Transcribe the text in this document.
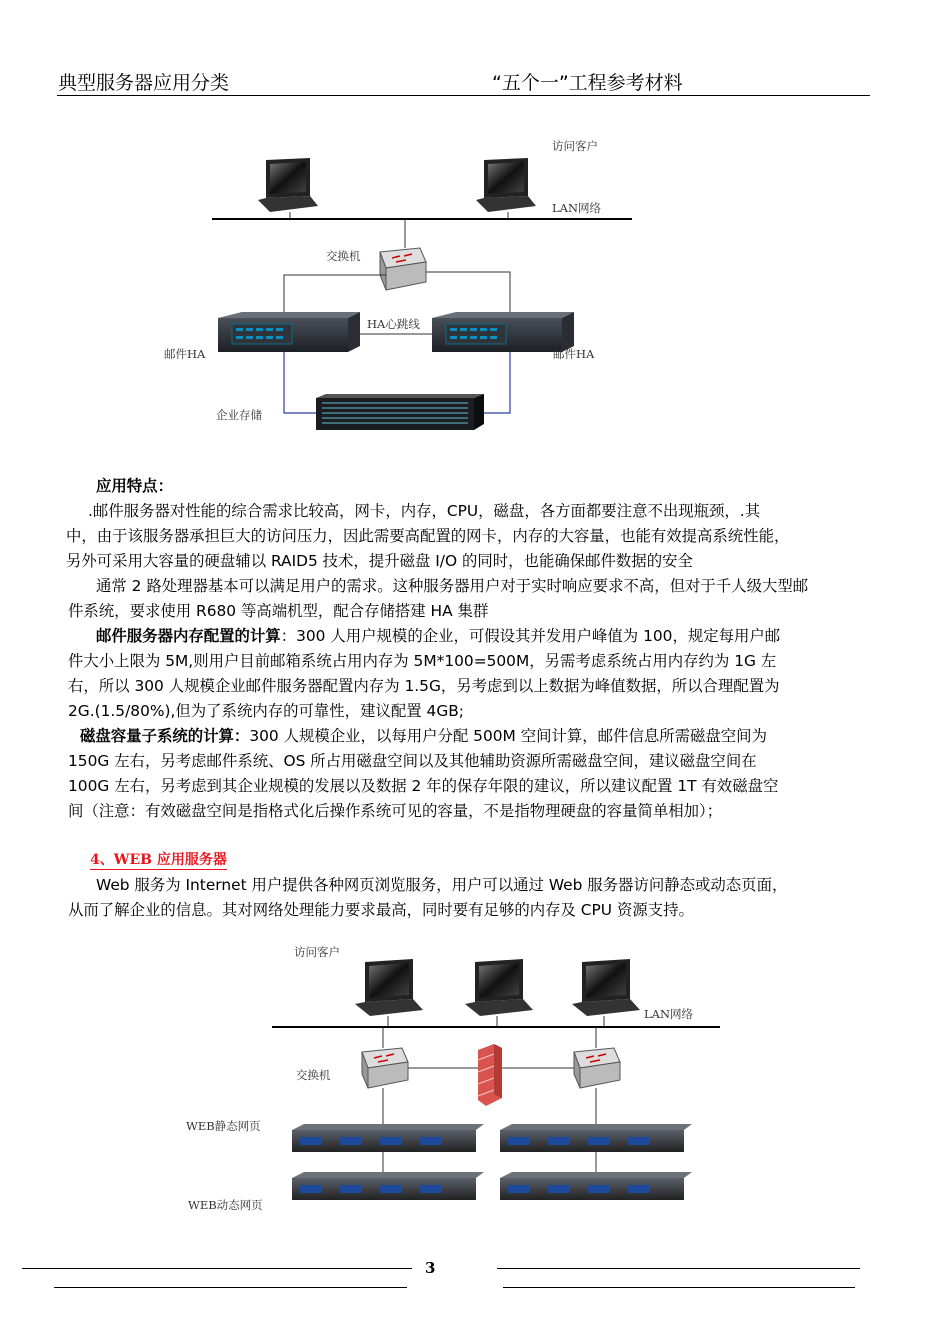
典型服务器应用分类	“五个一”工程参考材料
访问客户
LAN网络
交换机
HA心跳线
邮件HA	邮件HA
企业存储

应用特点：

.邮件服务器对性能的综合需求比较高，网卡，内存，CPU，磁盘，各方面都要注意不出现瓶颈，.其

中，由于该服务器承担巨大的访问压力，因此需要高配置的网卡，内存的大容量，也能有效提高系统性能，

另外可采用大容量的硬盘辅以 RAID5 技术，提升磁盘 I/O 的同时，也能确保邮件数据的安全

通常 2 路处理器基本可以满足用户的需求。这种服务器用户对于实时响应要求不高，但对于千人级大型邮

件系统，要求使用 R680 等高端机型，配合存储搭建 HA 集群

邮件服务器内存配置的计算：300 人用户规模的企业，可假设其并发用户峰值为 100，规定每用户邮

件大小上限为 5M,则用户目前邮箱系统占用内存为 5M*100=500M，另需考虑系统占用内存约为 1G 左

右，所以 300 人规模企业邮件服务器配置内存为 1.5G，另考虑到以上数据为峰值数据，所以合理配置为

2G.(1.5/80%),但为了系统内存的可靠性，建议配置 4GB;

磁盘容量子系统的计算：300 人规模企业，以每用户分配 500M 空间计算，邮件信息所需磁盘空间为

150G 左右，另考虑邮件系统、OS 所占用磁盘空间以及其他辅助资源所需磁盘空间，建议磁盘空间在

100G 左右，另考虑到其企业规模的发展以及数据 2 年的保存年限的建议，所以建议配置 1T 有效磁盘空

间（注意：有效磁盘空间是指格式化后操作系统可见的容量，不是指物理硬盘的容量简单相加）；

4、WEB 应用服务器

Web 服务为 Internet 用户提供各种网页浏览服务，用户可以通过 Web 服务器访问静态或动态页面，

从而了解企业的信息。其对网络处理能力要求最高，同时要有足够的内存及 CPU 资源支持。

访问客户
LAN网络
交换机
WEB静态网页
WEB动态网页
3
